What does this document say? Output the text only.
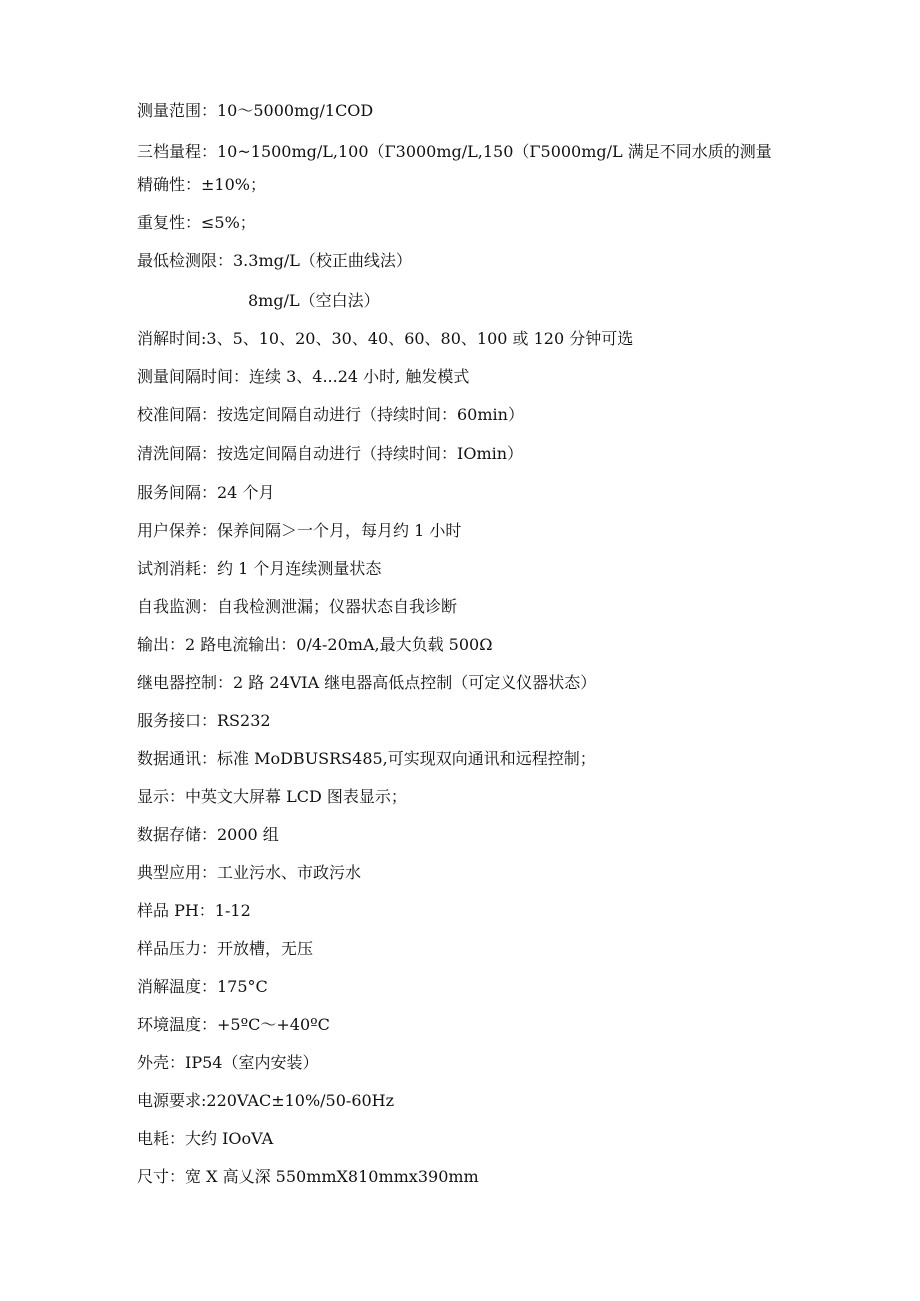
测量范围：10～5000mg/1COD
三档量程：10~1500mg∕L,100（Γ3000mg∕L,150（Γ5000mg∕L 满足不同水质的测量
精确性：±10%；
重复性：≤5%；
最低检测限：3.3mg/L（校正曲线法）
8mg∕L（空白法）
消解时间:3、5、10、20、30、40、60、80、100 或 120 分钟可选
测量间隔时间：连续 3、4...24 小时, 触发模式
校准间隔：按选定间隔自动进行（持续时间：60min）
清洗间隔：按选定间隔自动进行（持续时间：IOmin）
服务间隔：24 个月
用户保养：保养间隔＞一个月，每月约 1 小时
试剂消耗：约 1 个月连续测量状态
自我监测：自我检测泄漏；仪器状态自我诊断
输出：2 路电流输出：0/4-20mA,最大负载 500Ω
继电器控制：2 路 24VIA 继电器高低点控制（可定义仪器状态）
服务接口：RS232
数据通讯：标准 MoDBUSRS485,可实现双向通讯和远程控制；
显示：中英文大屏幕 LCD 图表显示；
数据存储：2000 组
典型应用：工业污水、市政污水
样品 PH：1-12
样品压力：开放槽，无压
消解温度：175°C
环境温度：+5ºC～+40ºC
外壳：IP54（室内安装）
电源要求:220VAC±10%∕50-60Hz
电耗：大约 IOoVA
尺寸：宽 X 高乂深 550mmX810mmx390mm
